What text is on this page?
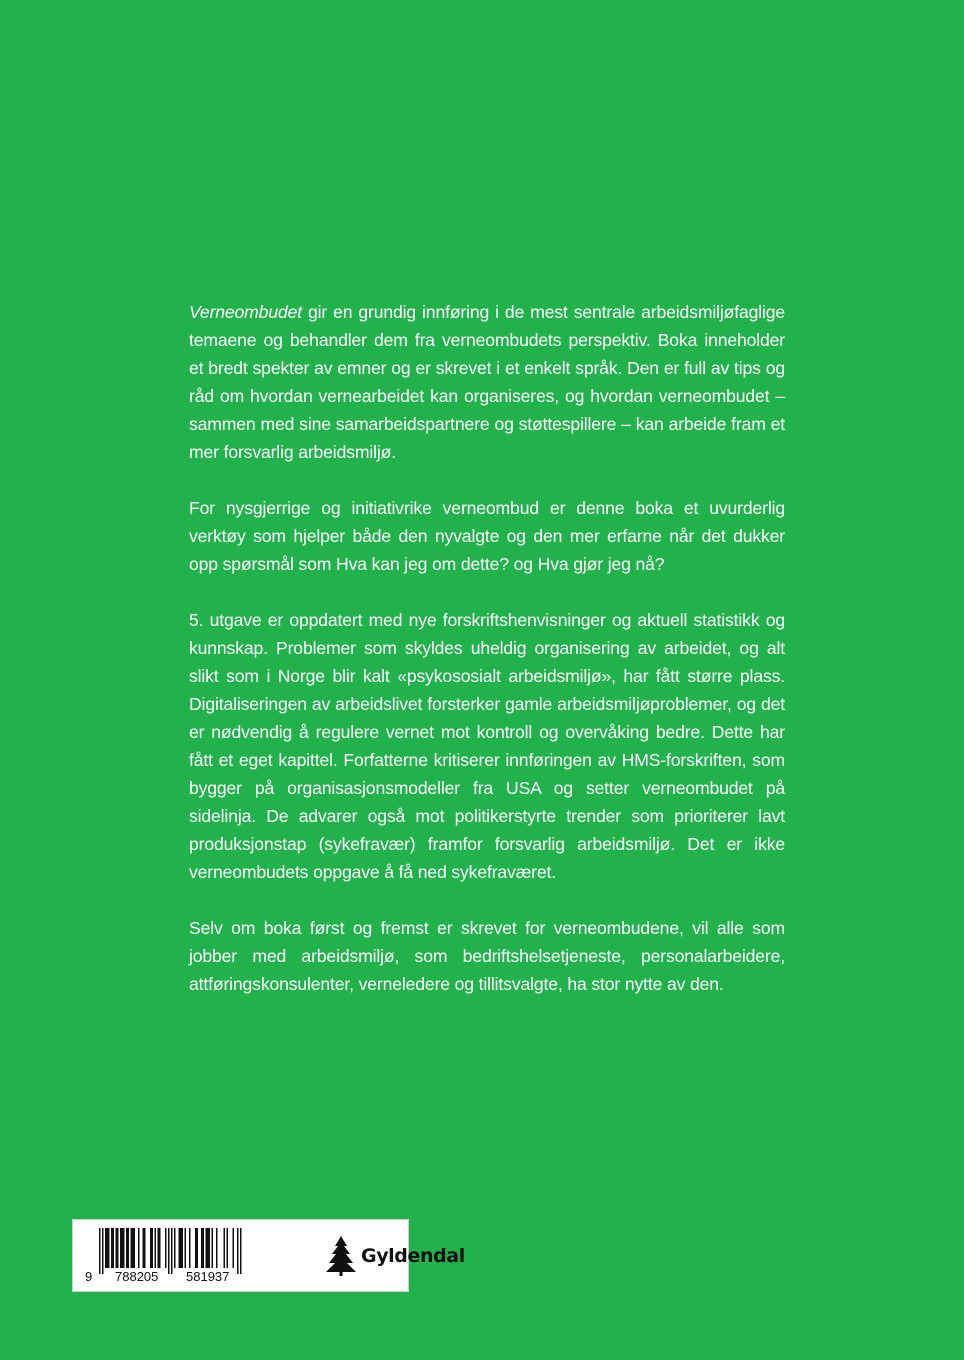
Verneombudet gir en grundig innføring i de mest sentrale arbeidsmiljøfaglige temaene og behandler dem fra verneombudets perspektiv. Boka inneholder et bredt spekter av emner og er skrevet i et enkelt språk. Den er full av tips og råd om hvordan vernearbeidet kan organiseres, og hvordan verneombudet – sammen med sine samarbeidspartnere og støttespillere – kan arbeide fram et mer forsvarlig arbeidsmiljø.

For nysgjerrige og initiativrike verneombud er denne boka et uvurderlig verktøy som hjelper både den nyvalgte og den mer erfarne når det dukker opp spørsmål som Hva kan jeg om dette? og Hva gjør jeg nå?

5. utgave er oppdatert med nye forskriftshenvisninger og aktuell statistikk og kunnskap. Problemer som skyldes uheldig organisering av arbeidet, og alt slikt som i Norge blir kalt «psykososialt arbeidsmiljø», har fått større plass. Digitaliseringen av arbeidslivet forsterker gamle arbeidsmiljøproblemer, og det er nødvendig å regulere vernet mot kontroll og overvåking bedre. Dette har fått et eget kapittel. Forfatterne kritiserer innføringen av HMS-forskriften, som bygger på organisasjonsmodeller fra USA og setter verneombudet på sidelinja. De advarer også mot politikerstyrte trender som prioriterer lavt produksjonstap (sykefravær) framfor forsvarlig arbeidsmiljø. Det er ikke verneombudets oppgave å få ned sykefraværet.

Selv om boka først og fremst er skrevet for verneombudene, vil alle som jobber med arbeidsmiljø, som bedriftshelsetjeneste, personalarbeidere, attføringskonsulenter, verneledere og tillitsvalgte, ha stor nytte av den.

9 788205 581937
Gyldendal
